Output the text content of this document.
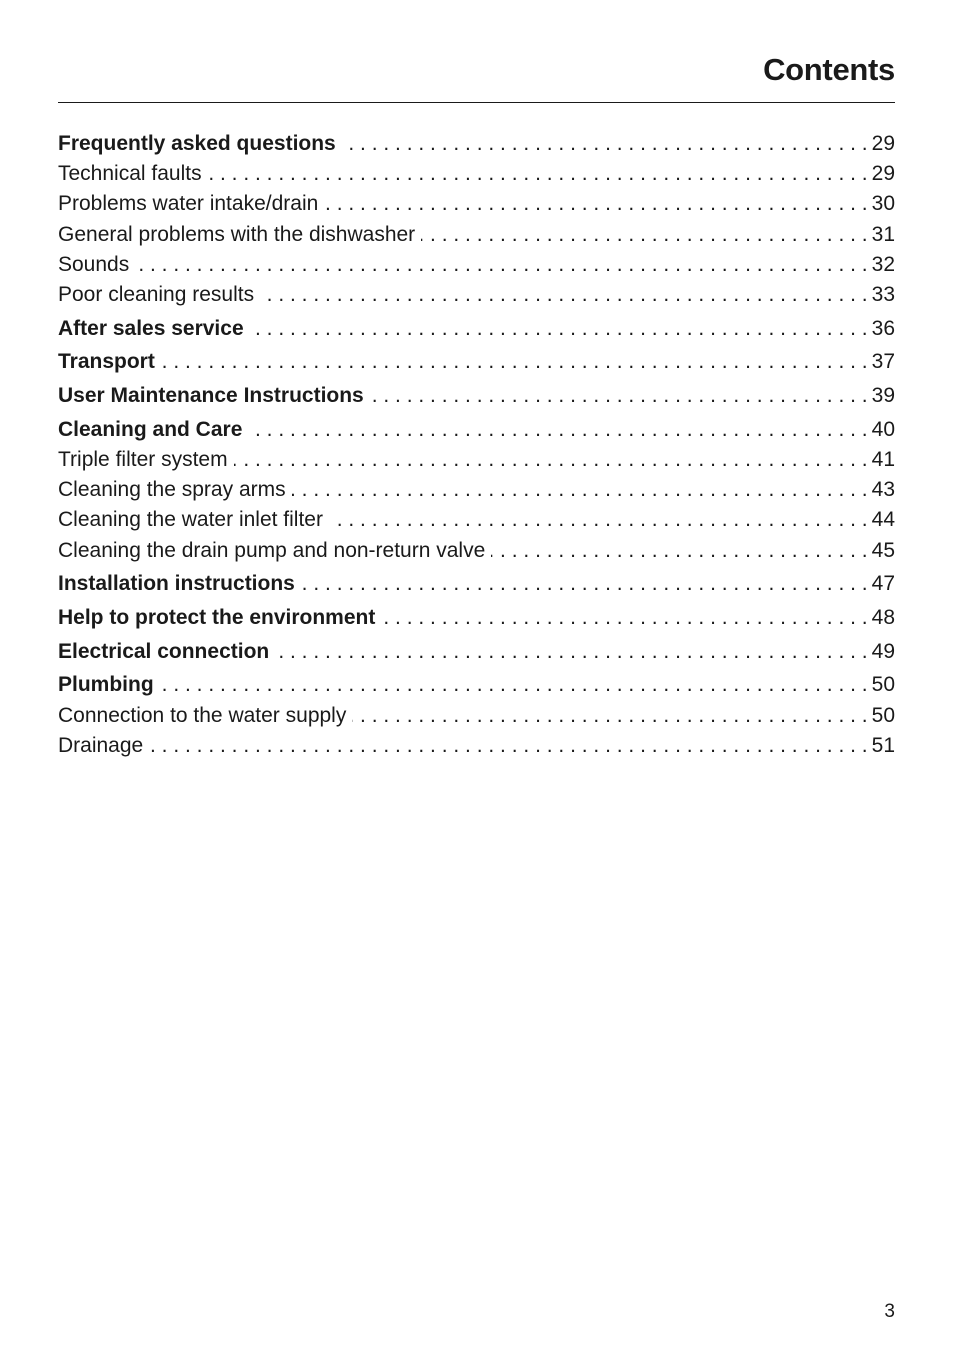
Contents
Frequently asked questions . . .	29
Technical faults . . .	29
Problems water intake/drain . . .	30
General problems with the dishwasher . . .	31
Sounds . . .	32
Poor cleaning results . . .	33
After sales service . . .	36
Transport . . .	37
User Maintenance Instructions . . .	39
Cleaning and Care . . .	40
Triple filter system . . .	41
Cleaning the spray arms . . .	43
Cleaning the water inlet filter . . .	44
Cleaning the drain pump and non-return valve . . .	45
Installation instructions . . .	47
Help to protect the environment . . .	48
Electrical connection . . .	49
Plumbing . . .	50
Connection to the water supply . . .	50
Drainage . . .	51
3
